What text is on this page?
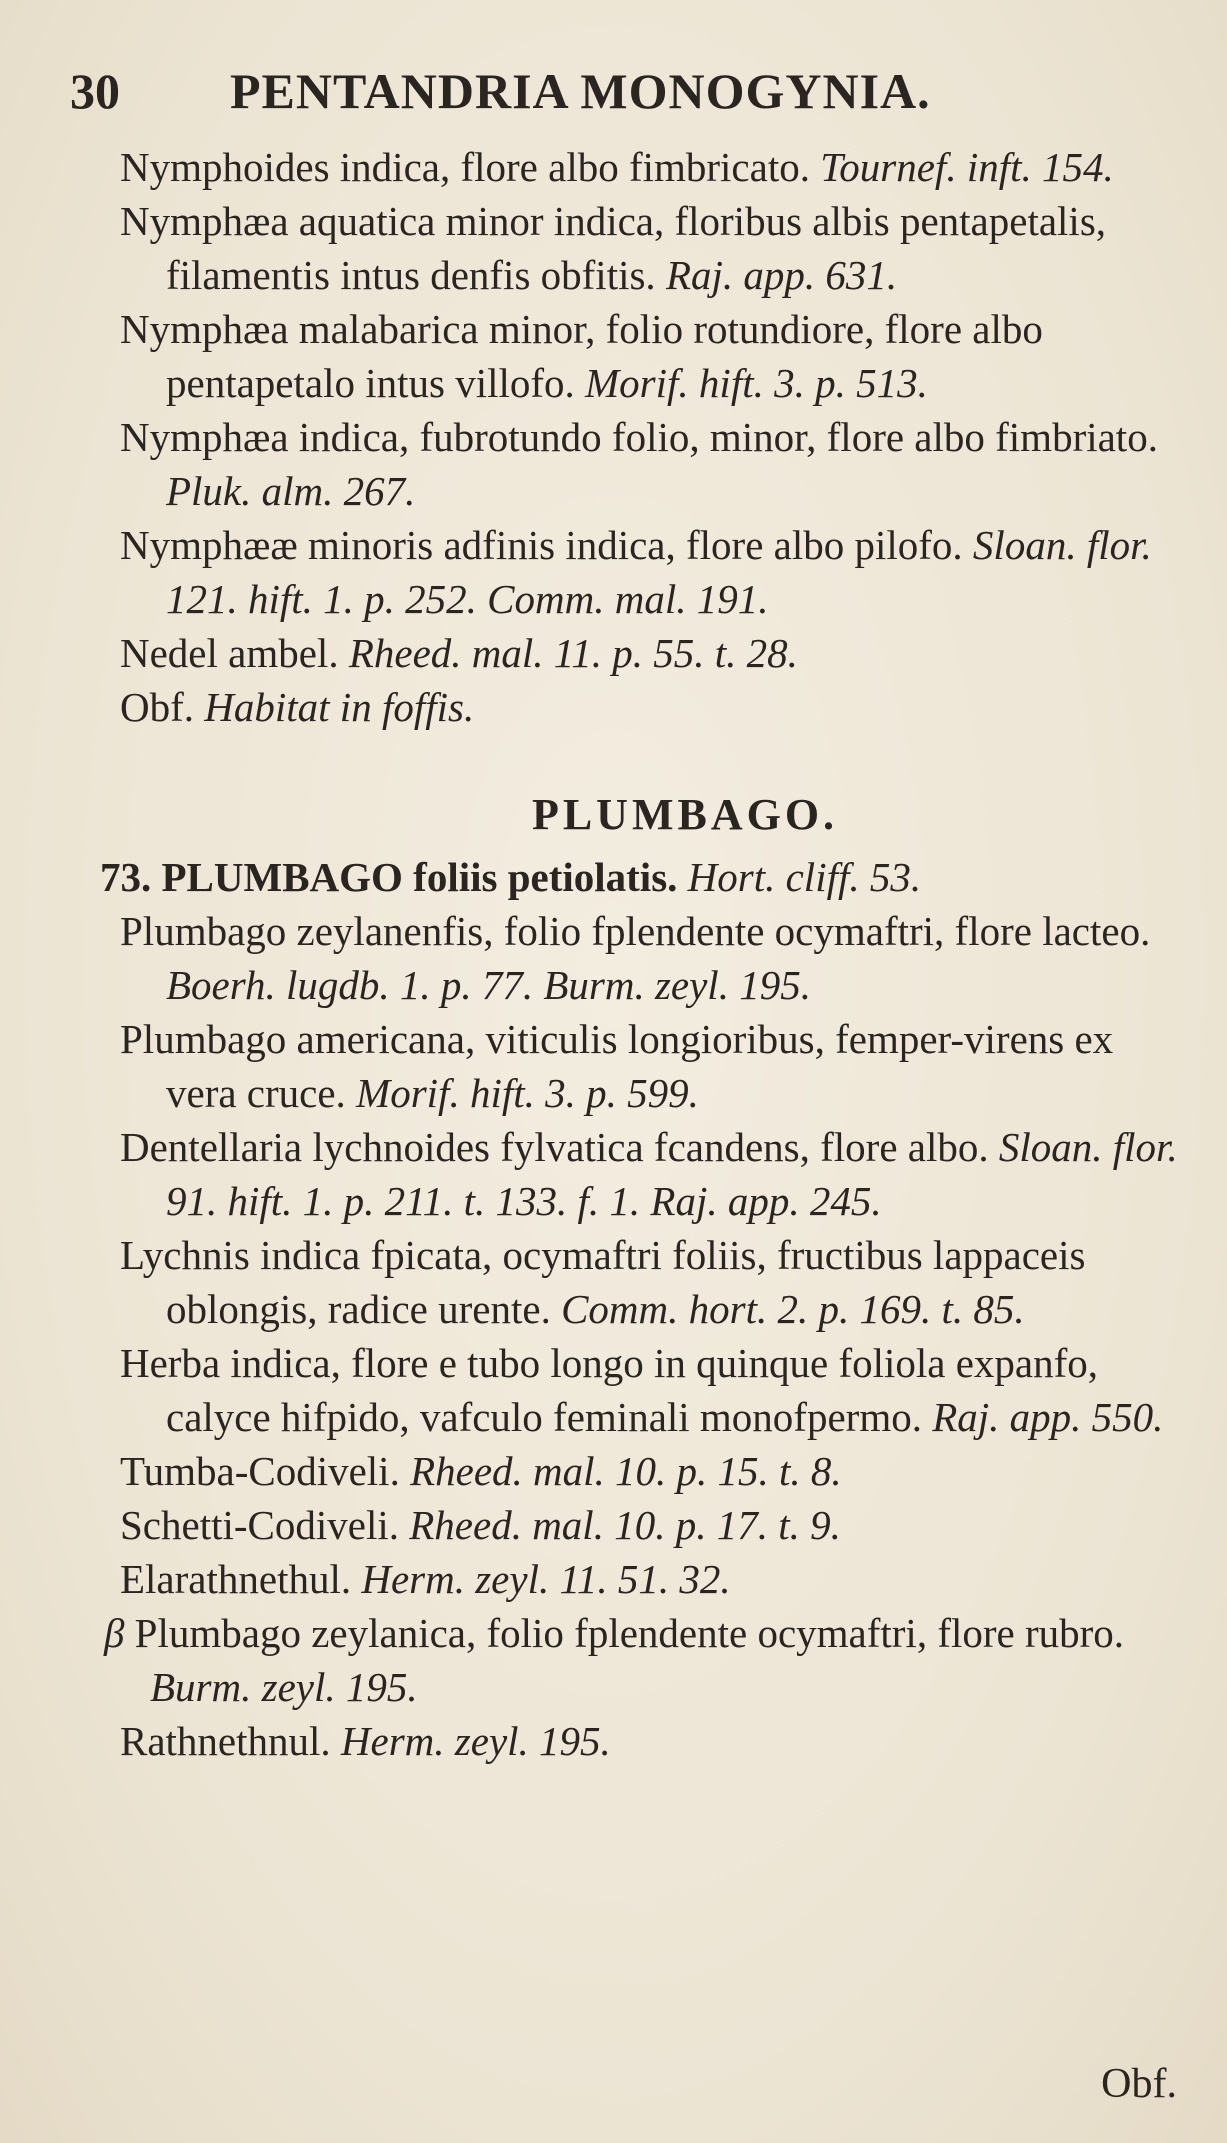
30 PENTANDRIA MONOGYNIA.

Nymphoides indica, flore albo fimbricato. Tournef. inft. 154.

Nymphæa aquatica minor indica, floribus albis pentapetalis, filamentis intus denfis obfitis. Raj. app. 631.

Nymphæa malabarica minor, folio rotundiore, flore albo pentapetalo intus villofo. Morif. hift. 3. p. 513.

Nymphæa indica, fubrotundo folio, minor, flore albo fimbriato. Pluk. alm. 267.

Nymphææ minoris adfinis indica, flore albo pilofo. Sloan. flor. 121. hift. 1. p. 252. Comm. mal. 191.

Nedel ambel. Rheed. mal. 11. p. 55. t. 28.

Obf. Habitat in foffis.

PLUMBAGO.

73. PLUMBAGO foliis petiolatis. Hort. cliff. 53.

Plumbago zeylanenfis, folio fplendente ocymaftri, flore lacteo. Boerh. lugdb. 1. p. 77. Burm. zeyl. 195.

Plumbago americana, viticulis longioribus, femper-virens ex vera cruce. Morif. hift. 3. p. 599.

Dentellaria lychnoides fylvatica fcandens, flore albo. Sloan. flor. 91. hift. 1. p. 211. t. 133. f. 1. Raj. app. 245.

Lychnis indica fpicata, ocymaftri foliis, fructibus lappaceis oblongis, radice urente. Comm. hort. 2. p. 169. t. 85.

Herba indica, flore e tubo longo in quinque foliola expanfo, calyce hifpido, vafculo feminali monofpermo. Raj. app. 550.

Tumba-Codiveli. Rheed. mal. 10. p. 15. t. 8.

Schetti-Codiveli. Rheed. mal. 10. p. 17. t. 9.

Elarathnethul. Herm. zeyl. 11. 51. 32.

β Plumbago zeylanica, folio fplendente ocymaftri, flore rubro. Burm. zeyl. 195.

Rathnethnul. Herm. zeyl. 195.

Obf.
